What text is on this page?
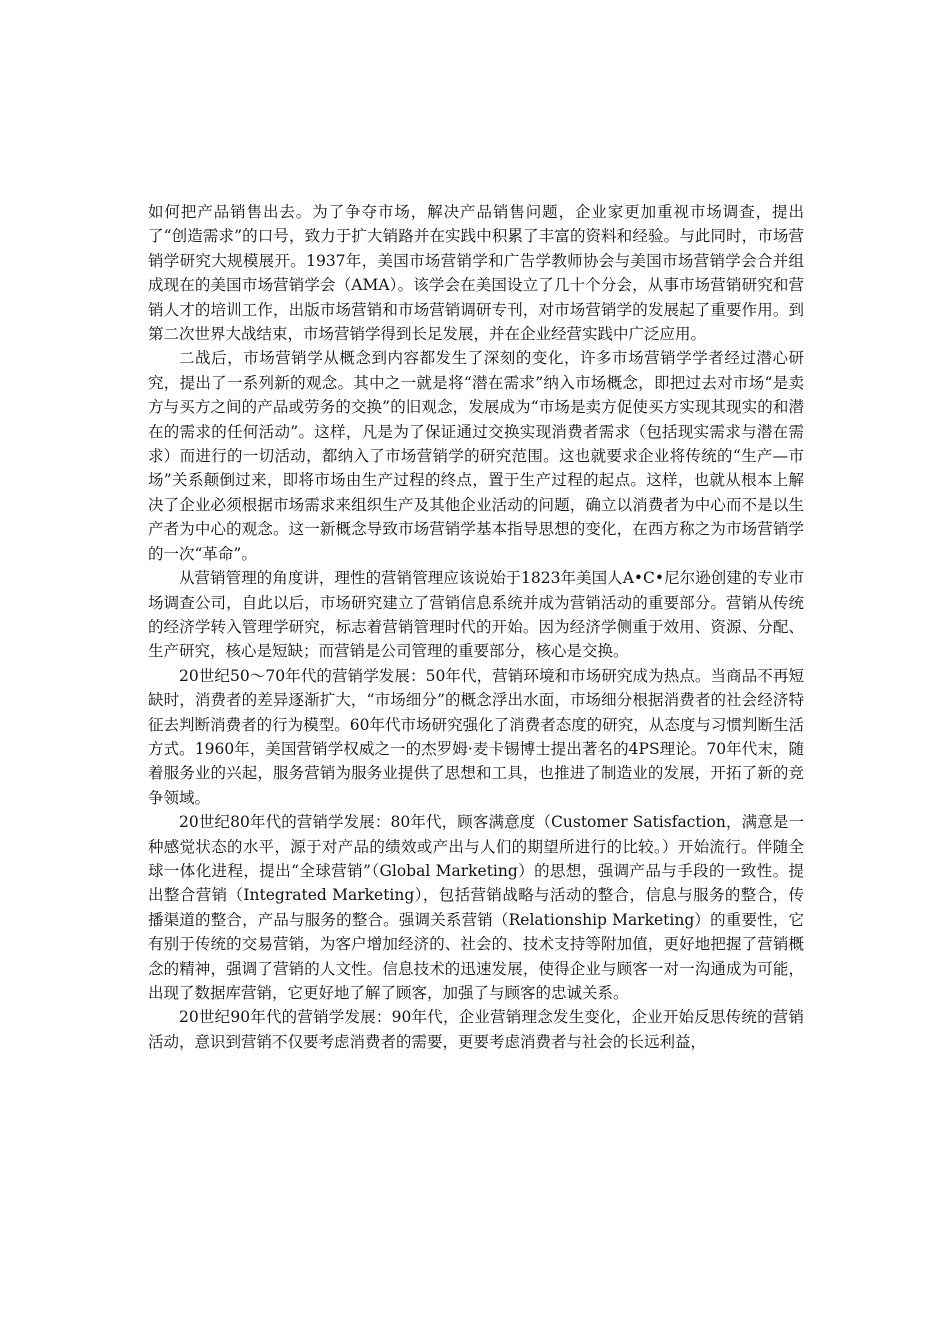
如何把产品销售出去。为了争夺市场，解决产品销售问题，企业家更加重视市场调查，提出了“创造需求”的口号，致力于扩大销路并在实践中积累了丰富的资料和经验。与此同时，市场营销学研究大规模展开。1937年，美国市场营销学和广告学教师协会与美国市场营销学会合并组成现在的美国市场营销学会（AMA）。该学会在美国设立了几十个分会，从事市场营销研究和营销人才的培训工作，出版市场营销和市场营销调研专刊，对市场营销学的发展起了重要作用。到第二次世界大战结束，市场营销学得到长足发展，并在企业经营实践中广泛应用。

二战后，市场营销学从概念到内容都发生了深刻的变化，许多市场营销学学者经过潜心研究，提出了一系列新的观念。其中之一就是将“潜在需求”纳入市场概念，即把过去对市场“是卖方与买方之间的产品或劳务的交换”的旧观念，发展成为“市场是卖方促使买方实现其现实的和潜在的需求的任何活动”。这样，凡是为了保证通过交换实现消费者需求（包括现实需求与潜在需求）而进行的一切活动，都纳入了市场营销学的研究范围。这也就要求企业将传统的“生产—市场”关系颠倒过来，即将市场由生产过程的终点，置于生产过程的起点。这样，也就从根本上解决了企业必须根据市场需求来组织生产及其他企业活动的问题，确立以消费者为中心而不是以生产者为中心的观念。这一新概念导致市场营销学基本指导思想的变化，在西方称之为市场营销学的一次“革命”。

从营销管理的角度讲，理性的营销管理应该说始于1823年美国人A•C•尼尔逊创建的专业市场调查公司，自此以后，市场研究建立了营销信息系统并成为营销活动的重要部分。营销从传统的经济学转入管理学研究，标志着营销管理时代的开始。因为经济学侧重于效用、资源、分配、生产研究，核心是短缺；而营销是公司管理的重要部分，核心是交换。

20世纪50～70年代的营销学发展：50年代，营销环境和市场研究成为热点。当商品不再短缺时，消费者的差异逐渐扩大，“市场细分”的概念浮出水面，市场细分根据消费者的社会经济特征去判断消费者的行为模型。60年代市场研究强化了消费者态度的研究，从态度与习惯判断生活方式。1960年，美国营销学权威之一的杰罗姆·麦卡锡博士提出著名的4PS理论。70年代末，随着服务业的兴起，服务营销为服务业提供了思想和工具，也推进了制造业的发展，开拓了新的竞争领域。

20世纪80年代的营销学发展：80年代，顾客满意度（Customer Satisfaction，满意是一种感觉状态的水平，源于对产品的绩效或产出与人们的期望所进行的比较。）开始流行。伴随全球一体化进程，提出“全球营销”（Global Marketing）的思想，强调产品与手段的一致性。提出整合营销（Integrated Marketing），包括营销战略与活动的整合，信息与服务的整合，传播渠道的整合，产品与服务的整合。强调关系营销（Relationship Marketing）的重要性，它有别于传统的交易营销，为客户增加经济的、社会的、技术支持等附加值，更好地把握了营销概念的精神，强调了营销的人文性。信息技术的迅速发展，使得企业与顾客一对一沟通成为可能，出现了数据库营销，它更好地了解了顾客，加强了与顾客的忠诚关系。

20世纪90年代的营销学发展：90年代，企业营销理念发生变化，企业开始反思传统的营销活动，意识到营销不仅要考虑消费者的需要，更要考虑消费者与社会的长远利益，
